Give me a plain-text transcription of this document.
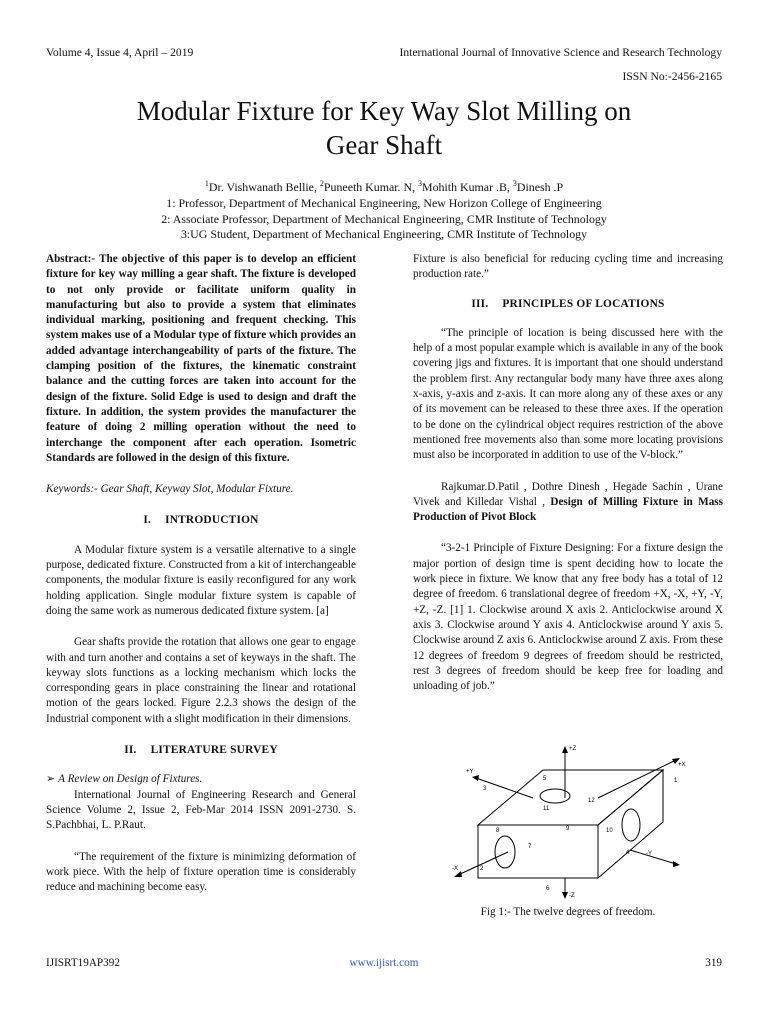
Volume 4, Issue 4, April – 2019	International Journal of Innovative Science and Research Technology
ISSN No:-2456-2165
Modular Fixture for Key Way Slot Milling on
Gear Shaft
$^1$Dr. Vishwanath Bellie, $^2$Puneeth Kumar. N, $^3$Mohith Kumar .B, $^3$Dinesh .P
1: Professor, Department of Mechanical Engineering, New Horizon College of Engineering
2: Associate Professor, Department of Mechanical Engineering, CMR Institute of Technology
3:UG Student, Department of Mechanical Engineering, CMR Institute of Technology

Abstract:- The objective of this paper is to develop an efficient fixture for key way milling a gear shaft. The fixture is developed to not only provide or facilitate uniform quality in manufacturing but also to provide a system that eliminates individual marking, positioning and frequent checking. This system makes use of a Modular type of fixture which provides an added advantage interchangeability of parts of the fixture. The clamping position of the fixtures, the kinematic constraint balance and the cutting forces are taken into account for the design of the fixture. Solid Edge is used to design and draft the fixture. In addition, the system provides the manufacturer the feature of doing 2 milling operation without the need to interchange the component after each operation. Isometric Standards are followed in the design of this fixture.

Keywords:- Gear Shaft, Keyway Slot, Modular Fixture.

I. INTRODUCTION

A Modular fixture system is a versatile alternative to a single purpose, dedicated fixture. Constructed from a kit of interchangeable components, the modular fixture is easily reconfigured for any work holding application. Single modular fixture system is capable of doing the same work as numerous dedicated fixture system. [a]

Gear shafts provide the rotation that allows one gear to engage with and turn another and contains a set of keyways in the shaft. The keyway slots functions as a locking mechanism which locks the corresponding gears in place constraining the linear and rotational motion of the gears locked. Figure 2.2.3 shows the design of the Industrial component with a slight modification in their dimensions.

II. LITERATURE SURVEY

➢ A Review on Design of Fixtures.

International Journal of Engineering Research and General Science Volume 2, Issue 2, Feb-Mar 2014 ISSN 2091-2730. S. S.Pachbhai, L. P.Raut.

“The requirement of the fixture is minimizing deformation of work piece. With the help of fixture operation time is considerably reduce and machining become easy.

Fixture is also beneficial for reducing cycling time and increasing production rate.”

III. PRINCIPLES OF LOCATIONS

“The principle of location is being discussed here with the help of a most popular example which is available in any of the book covering jigs and fixtures. It is important that one should understand the problem first. Any rectangular body many have three axes along x-axis, y-axis and z-axis. It can more along any of these axes or any of its movement can be released to these three axes. If the operation to be done on the cylindrical object requires restriction of the above mentioned free movements also than some more locating provisions must also be incorporated in addition to use of the V-block.”

Rajkumar.D.Patil , Dothre Dinesh , Hegade Sachin , Urane Vivek and Killedar Vishal , Design of Milling Fixture in Mass Production of Pivot Block

“3-2-1 Principle of Fixture Designing: For a fixture design the major portion of design time is spent deciding how to locate the work piece in fixture. We know that any free body has a total of 12 degree of freedom. 6 translational degree of freedom +X, -X, +Y, -Y, +Z, -Z. [1] 1. Clockwise around X axis 2. Anticlockwise around X axis 3. Clockwise around Y axis 4. Anticlockwise around Y axis 5. Clockwise around Z axis 6. Anticlockwise around Z axis. From these 12 degrees of freedom 9 degrees of freedom should be restricted, rest 3 degrees of freedom should be keep free for loading and unloading of job.”

+Z
+X
+Y
-X
-Y
-Z
1
2
3
4
5
6
7
8	9	10
11
12
Fig 1:- The twelve degrees of freedom.
IJISRT19AP392	www.ijisrt.com	319
